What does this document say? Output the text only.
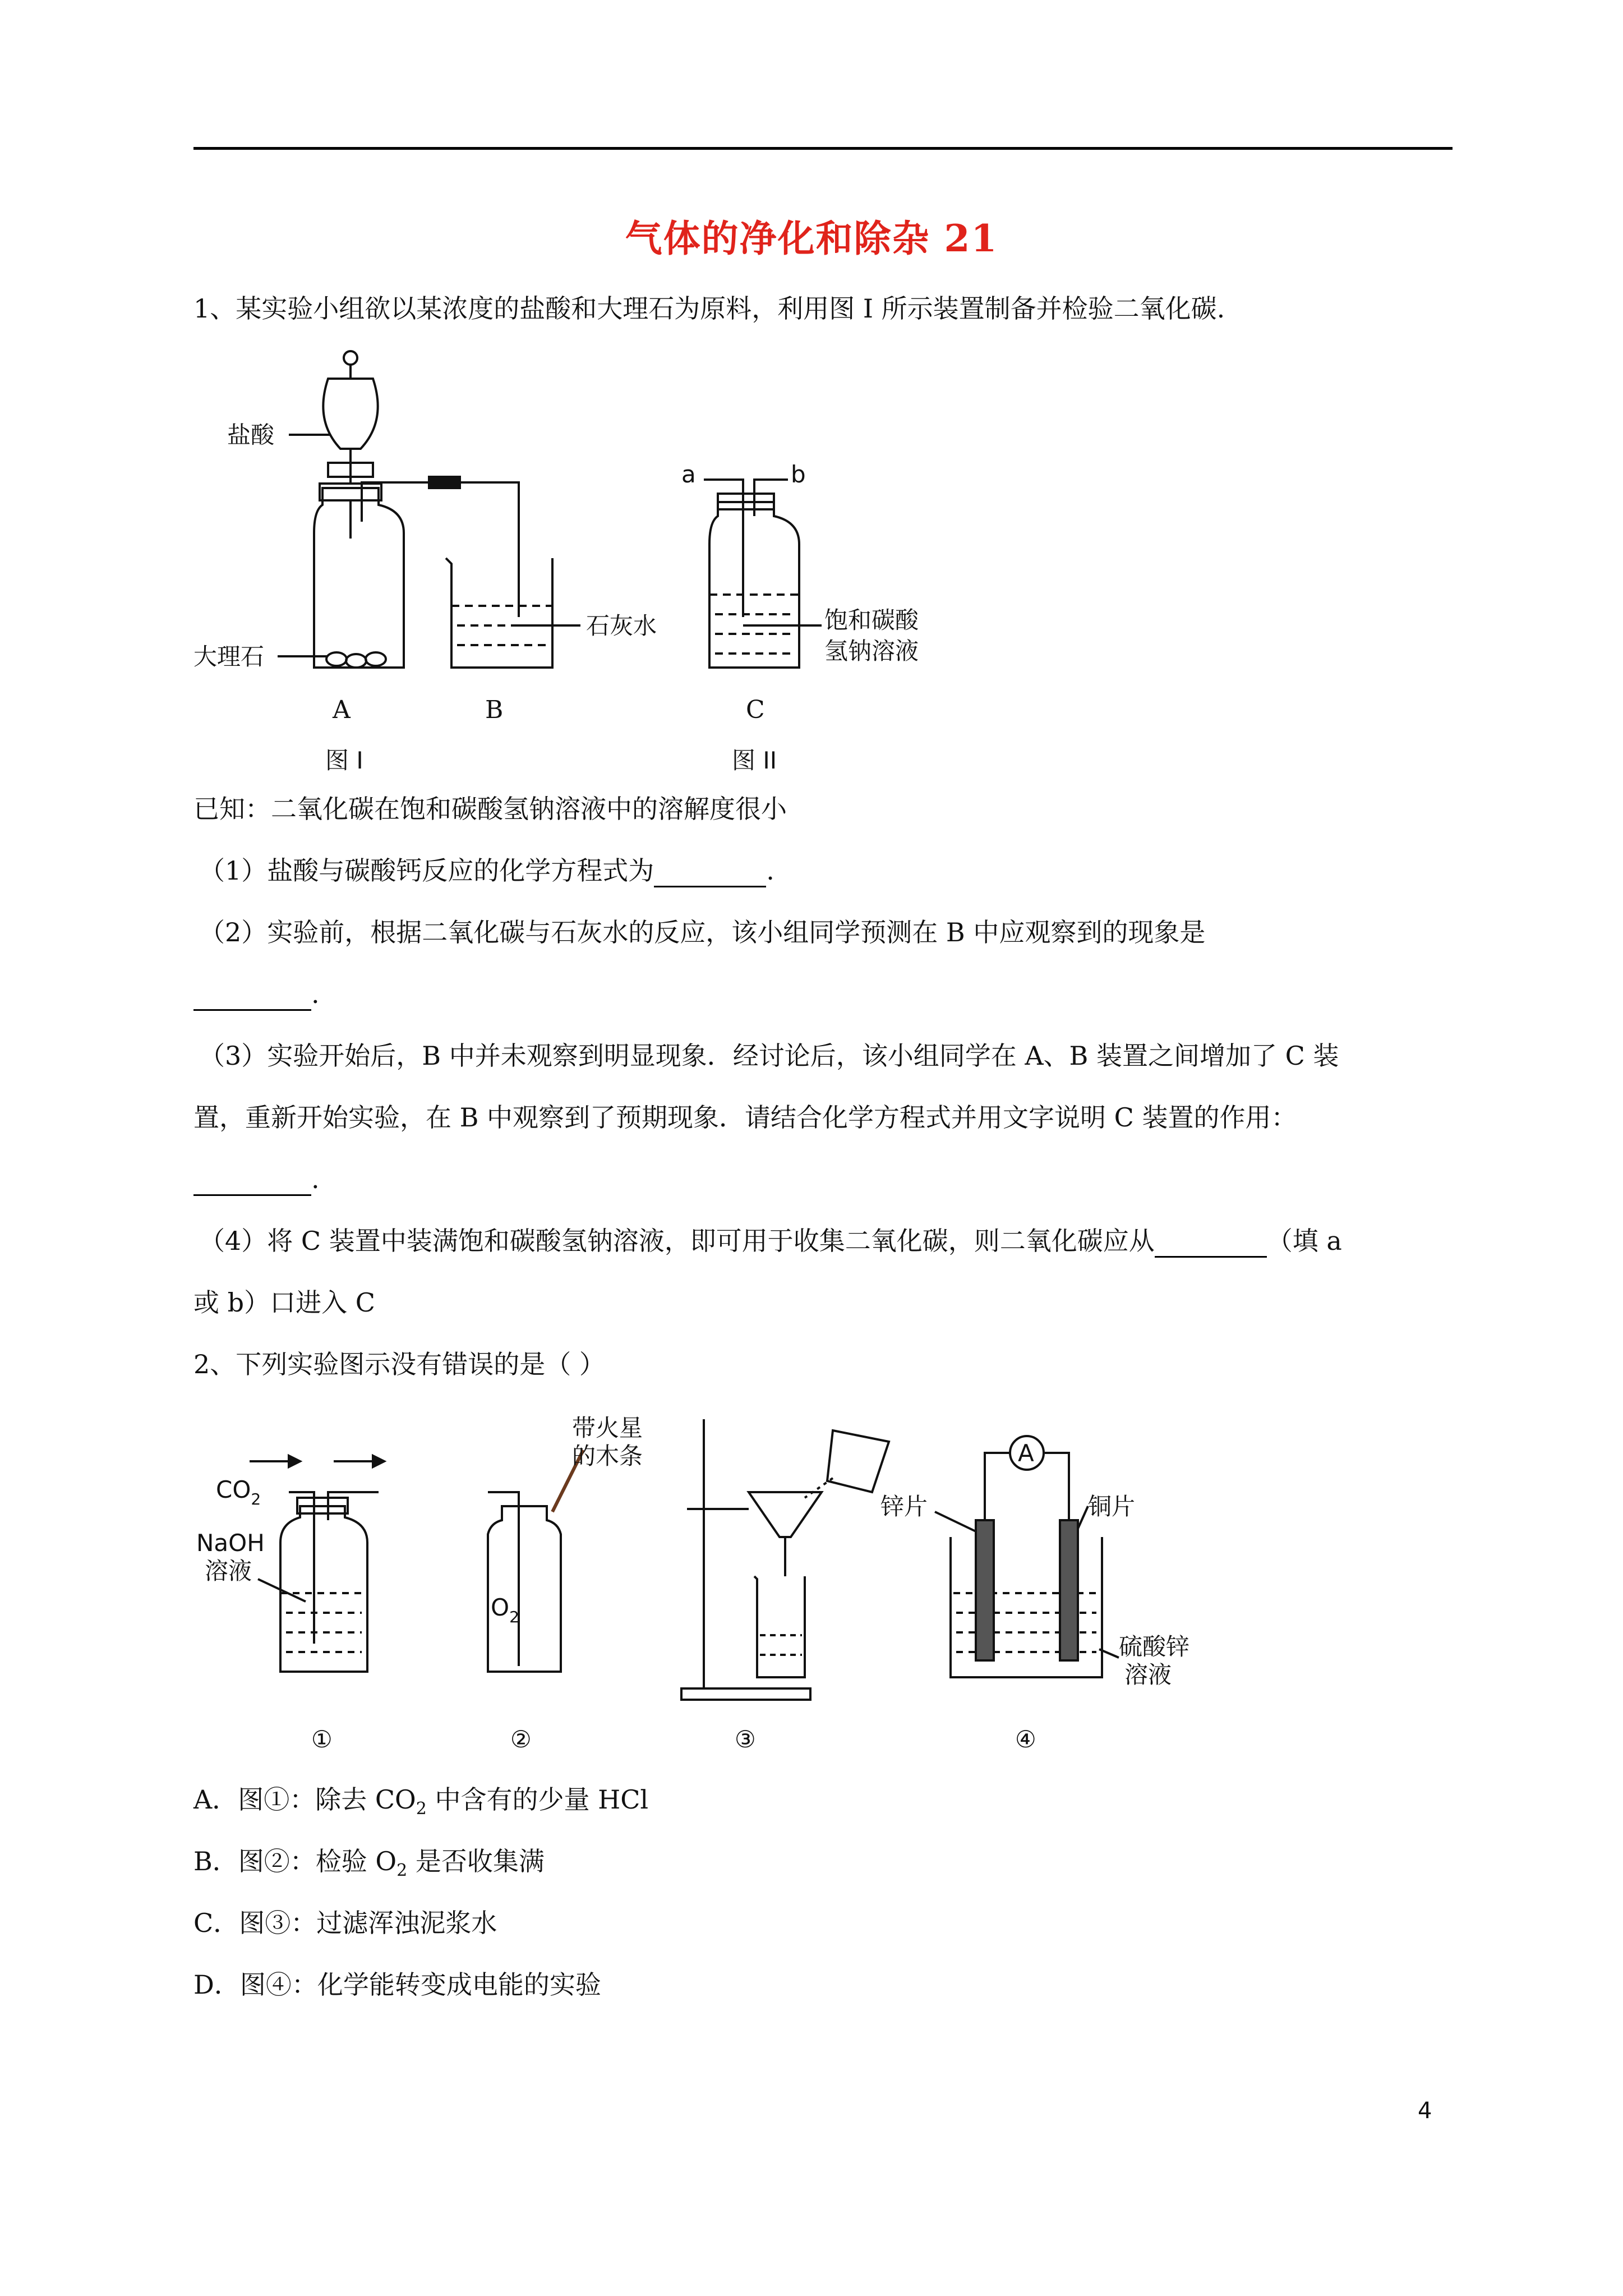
气体的净化和除杂 21
1、某实验小组欲以某浓度的盐酸和大理石为原料，利用图 I 所示装置制备并检验二氧化碳.
盐酸
大理石
石灰水
a	b
饱和碳酸
氢钠溶液
A	B	C
图 I	图 II
已知：二氧化碳在饱和碳酸氢钠溶液中的溶解度很小
（1）盐酸与碳酸钙反应的化学方程式为	.
（2）实验前，根据二氧化碳与石灰水的反应，该小组同学预测在 B 中应观察到的现象是
.
（3）实验开始后，B 中并未观察到明显现象．经讨论后，该小组同学在 A、B 装置之间增加了 C 装
置，重新开始实验，在 B 中观察到了预期现象．请结合化学方程式并用文字说明 C 装置的作用：
.
（4）将 C 装置中装满饱和碳酸氢钠溶液，即可用于收集二氧化碳，则二氧化碳应从	（填 a
或 b）口进入 C
2、下列实验图示没有错误的是（ ）
$CO_2$
NaOH
溶液
带火星
的木条
$O_2$
A
锌片	铜片
硫酸锌
溶液
①	②	③	④
A．图①：除去 $CO_2$ 中含有的少量 HCl
B．图②：检验 $O_2$ 是否收集满
C．图③：过滤浑浊泥浆水
D．图④：化学能转变成电能的实验
4
